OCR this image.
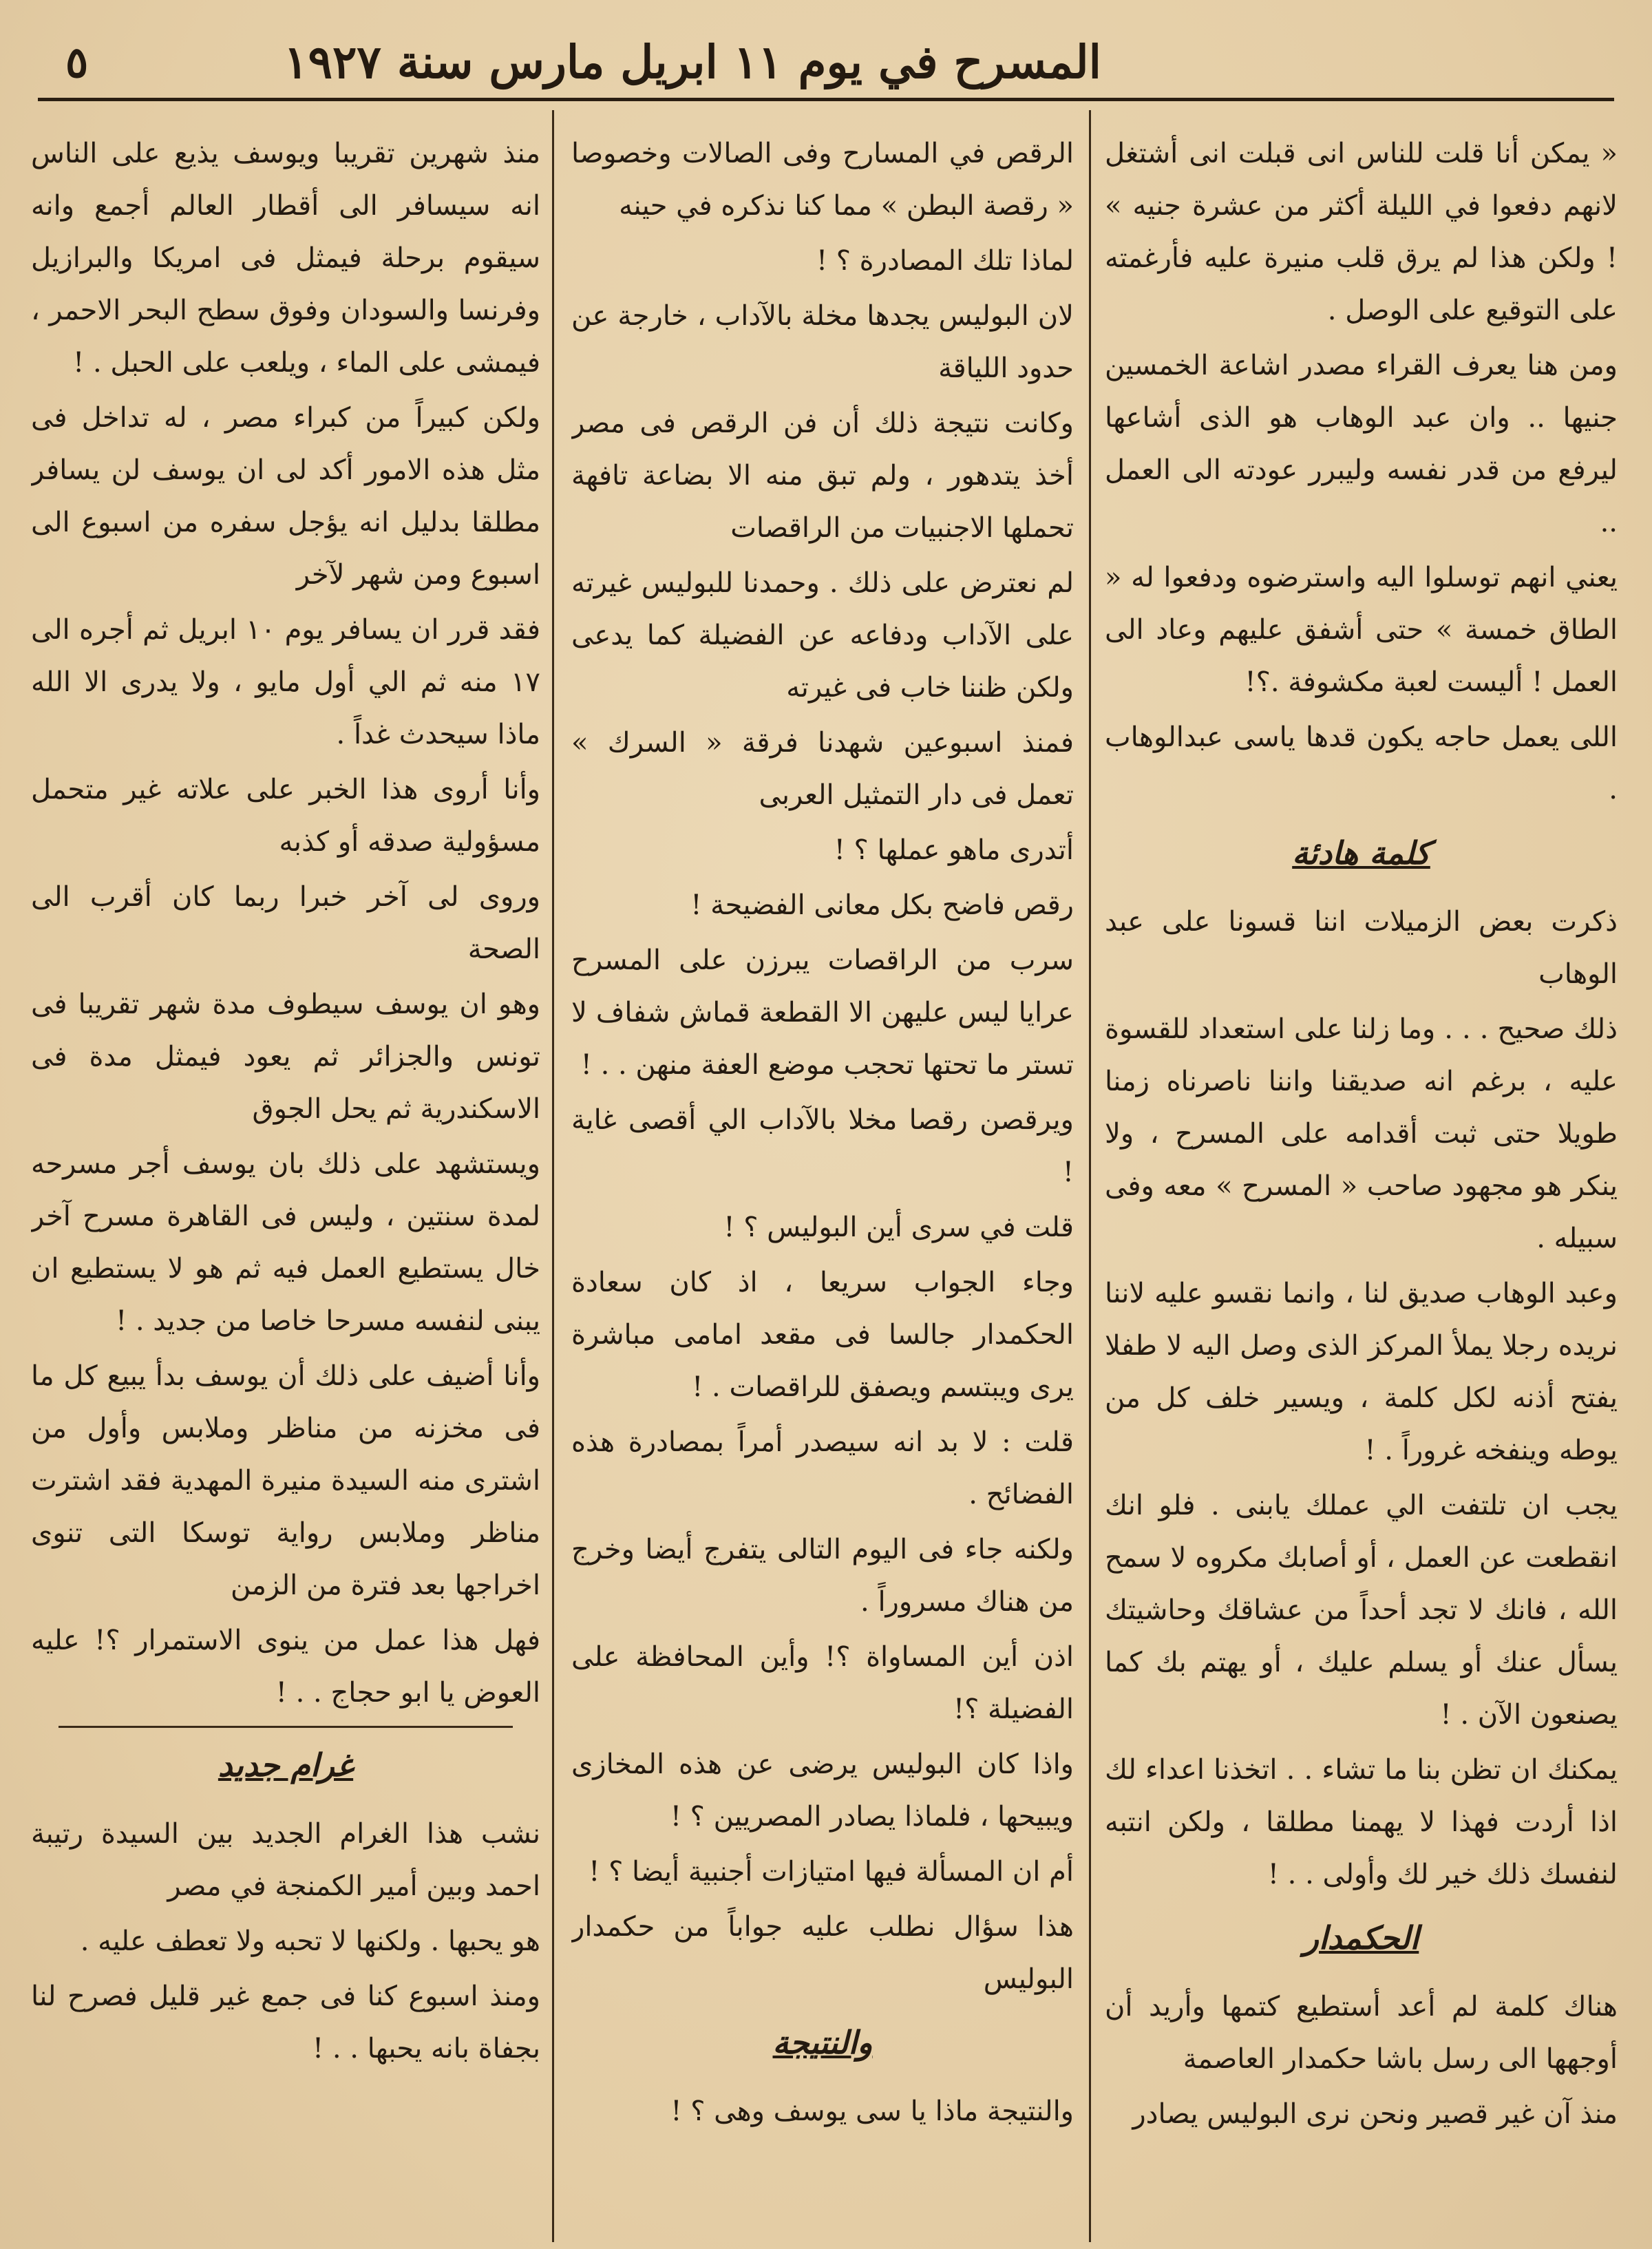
المسرح في يوم ١١ ابريل مارس سنة ١٩٢٧
٥

« يمكن أنا قلت للناس انى قبلت انى أشتغل لانهم دفعوا في الليلة أكثر من عشرة جنيه » ! ولكن هذا لم يرق قلب منيرة عليه فأرغمته على التوقيع على الوصل .

ومن هنا يعرف القراء مصدر اشاعة الخمسين جنيها .. وان عبد الوهاب هو الذى أشاعها ليرفع من قدر نفسه وليبرر عودته الى العمل ..

يعني انهم توسلوا اليه واسترضوه ودفعوا له « الطاق خمسة » حتى أشفق عليهم وعاد الى العمل ! أليست لعبة مكشوفة .؟!

اللى يعمل حاجه يكون قدها ياسى عبدالوهاب .

كلمة هادئة

ذكرت بعض الزميلات اننا قسونا على عبد الوهاب

ذلك صحيح . . . وما زلنا على استعداد للقسوة عليه ، برغم انه صديقنا واننا ناصرناه زمنا طويلا حتى ثبت أقدامه على المسرح ، ولا ينكر هو مجهود صاحب « المسرح » معه وفى سبيله .

وعبد الوهاب صديق لنا ، وانما نقسو عليه لاننا نريده رجلا يملأ المركز الذى وصل اليه لا طفلا يفتح أذنه لكل كلمة ، ويسير خلف كل من يوطه وينفخه غروراً . !

يجب ان تلتفت الي عملك يابنى . فلو انك انقطعت عن العمل ، أو أصابك مكروه لا سمح الله ، فانك لا تجد أحداً من عشاقك وحاشيتك يسأل عنك أو يسلم عليك ، أو يهتم بك كما يصنعون الآن . !

يمكنك ان تظن بنا ما تشاء . . اتخذنا اعداء لك اذا أردت فهذا لا يهمنا مطلقا ، ولكن انتبه لنفسك ذلك خير لك وأولى . . !

الحكمدار

هناك كلمة لم أعد أستطيع كتمها وأريد أن أوجهها الى رسل باشا حكمدار العاصمة

منذ آن غير قصير ونحن نرى البوليس يصادر

الرقص في المسارح وفى الصالات وخصوصا « رقصة البطن » مما كنا نذكره في حينه

لماذا تلك المصادرة ؟ !

لان البوليس يجدها مخلة بالآداب ، خارجة عن حدود اللياقة

وكانت نتيجة ذلك أن فن الرقص فى مصر أخذ يتدهور ، ولم تبق منه الا بضاعة تافهة تحملها الاجنبيات من الراقصات

لم نعترض على ذلك . وحمدنا للبوليس غيرته على الآداب ودفاعه عن الفضيلة كما يدعى ولكن ظننا خاب فى غيرته

فمنذ اسبوعين شهدنا فرقة « السرك » تعمل فى دار التمثيل العربى

أتدرى ماهو عملها ؟ !

رقص فاضح بكل معانى الفضيحة !

سرب من الراقصات يبرزن على المسرح عرايا ليس عليهن الا القطعة قماش شفاف لا تستر ما تحتها تحجب موضع العفة منهن . . !

ويرقصن رقصا مخلا بالآداب الي أقصى غاية !

قلت في سرى أين البوليس ؟ !

وجاء الجواب سريعا ، اذ كان سعادة الحكمدار جالسا فى مقعد امامى مباشرة يرى ويبتسم ويصفق للراقصات . !

قلت : لا بد انه سيصدر أمراً بمصادرة هذه الفضائح .

ولكنه جاء فى اليوم التالى يتفرج أيضا وخرج من هناك مسروراً .

اذن أين المساواة ؟! وأين المحافظة على الفضيلة ؟!

واذا كان البوليس يرضى عن هذه المخازى ويبيحها ، فلماذا يصادر المصريين ؟ !

أم ان المسألة فيها امتيازات أجنبية أيضا ؟ !

هذا سؤال نطلب عليه جواباً من حكمدار البوليس

والنتيجة

والنتيجة ماذا يا سى يوسف وهى ؟ !

منذ شهرين تقريبا ويوسف يذيع على الناس انه سيسافر الى أقطار العالم أجمع وانه سيقوم برحلة فيمثل فى امريكا والبرازيل وفرنسا والسودان وفوق سطح البحر الاحمر ، فيمشى على الماء ، ويلعب على الحبل . !

ولكن كبيراً من كبراء مصر ، له تداخل فى مثل هذه الامور أكد لى ان يوسف لن يسافر مطلقا بدليل انه يؤجل سفره من اسبوع الى اسبوع ومن شهر لآخر

فقد قرر ان يسافر يوم ١٠ ابريل ثم أجره الى ١٧ منه ثم الي أول مايو ، ولا يدرى الا الله ماذا سيحدث غداً .

وأنا أروى هذا الخبر على علاته غير متحمل مسؤولية صدقه أو كذبه

وروى لى آخر خبرا ربما كان أقرب الى الصحة

وهو ان يوسف سيطوف مدة شهر تقريبا فى تونس والجزائر ثم يعود فيمثل مدة فى الاسكندرية ثم يحل الجوق

ويستشهد على ذلك بان يوسف أجر مسرحه لمدة سنتين ، وليس فى القاهرة مسرح آخر خال يستطيع العمل فيه ثم هو لا يستطيع ان يبنى لنفسه مسرحا خاصا من جديد . !

وأنا أضيف على ذلك أن يوسف بدأ يبيع كل ما فى مخزنه من مناظر وملابس وأول من اشترى منه السيدة منيرة المهدية فقد اشترت مناظر وملابس رواية توسكا التى تنوى اخراجها بعد فترة من الزمن

فهل هذا عمل من ينوى الاستمرار ؟! عليه العوض يا ابو حجاج . . !

غرام جديد

نشب هذا الغرام الجديد بين السيدة رتيبة احمد وبين أمير الكمنجة في مصر

هو يحبها . ولكنها لا تحبه ولا تعطف عليه .

ومنذ اسبوع كنا فى جمع غير قليل فصرح لنا بجفاة بانه يحبها . . !
